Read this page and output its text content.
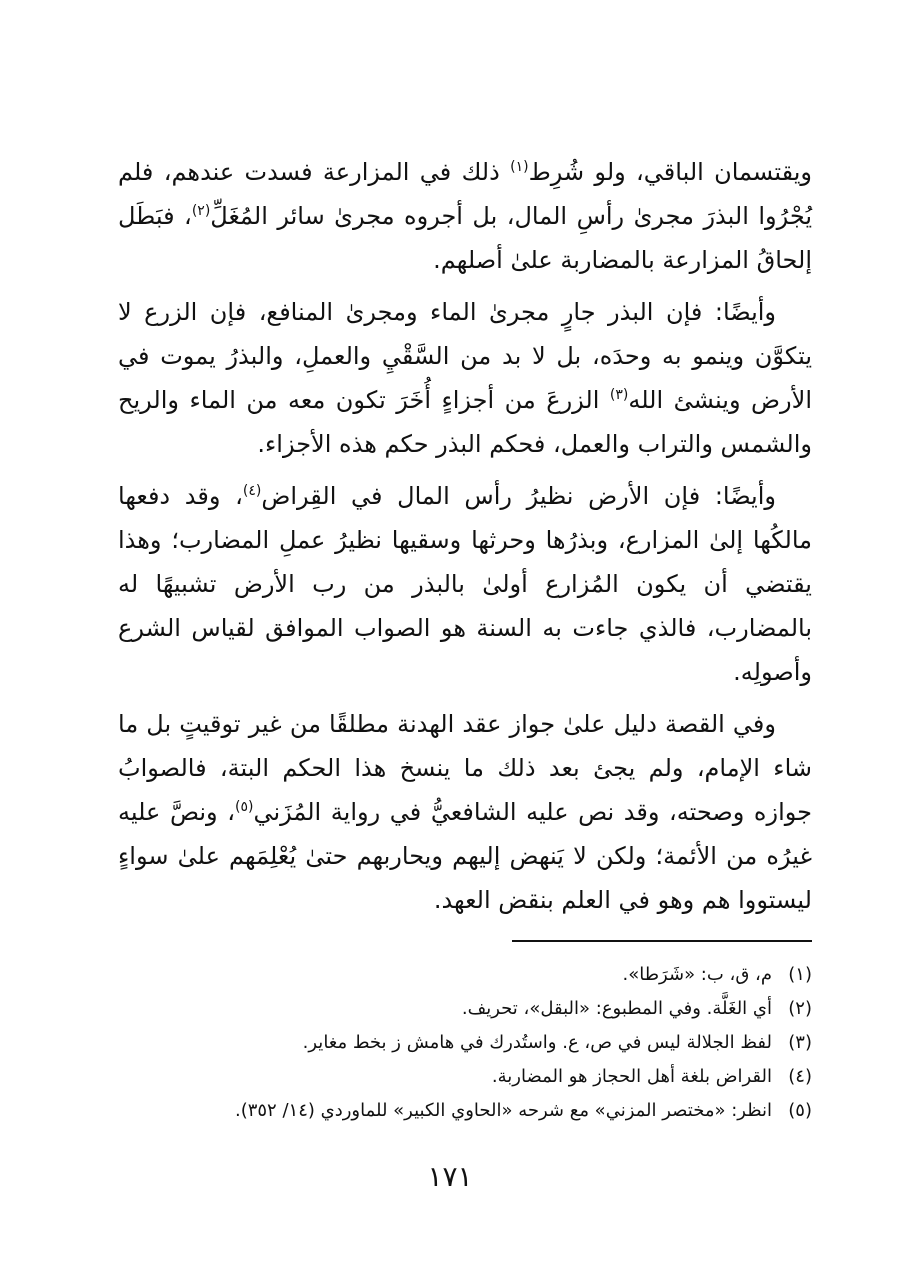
ويقتسمان الباقي، ولو شُرِط$^{(١)}$ ذلك في المزارعة فسدت عندهم، فلم يُجْرُوا البذرَ مجرىٰ رأسِ المال، بل أجروه مجرىٰ سائر المُغَلِّ$^{(٢)}$، فبَطَل إلحاقُ المزارعة بالمضاربة علىٰ أصلهم.

وأيضًا: فإن البذر جارٍ مجرىٰ الماء ومجرىٰ المنافع، فإن الزرع لا يتكوَّن وينمو به وحدَه، بل لا بد من السَّقْيِ والعملِ، والبذرُ يموت في الأرض وينشئ الله$^{(٣)}$ الزرعَ من أجزاءٍ أُخَرَ تكون معه من الماء والريح والشمس والتراب والعمل، فحكم البذر حكم هذه الأجزاء.

وأيضًا: فإن الأرض نظيرُ رأس المال في القِراض$^{(٤)}$، وقد دفعها مالكُها إلىٰ المزارع، وبذرُها وحرثها وسقيها نظيرُ عملِ المضارب؛ وهذا يقتضي أن يكون المُزارع أولىٰ بالبذر من رب الأرض تشبيهًا له بالمضارب، فالذي جاءت به السنة هو الصواب الموافق لقياس الشرع وأصولِه.

وفي القصة دليل علىٰ جواز عقد الهدنة مطلقًا من غير توقيتٍ بل ما شاء الإمام، ولم يجئ بعد ذلك ما ينسخ هذا الحكم البتة، فالصوابُ جوازه وصحته، وقد نص عليه الشافعيُّ في رواية المُزَني$^{(٥)}$، ونصَّ عليه غيرُه من الأئمة؛ ولكن لا يَنهض إليهم ويحاربهم حتىٰ يُعْلِمَهم علىٰ سواءٍ ليستووا هم وهو في العلم بنقض العهد.

(١)
م، ق، ب: «شَرَطا».
(٢)
أي الغَلَّة. وفي المطبوع: «البقل»، تحريف.
(٣)
لفظ الجلالة ليس في ص، ع. واستُدرك في هامش ز بخط مغاير.
(٤)
القراض بلغة أهل الحجاز هو المضاربة.
(٥)
انظر: «مختصر المزني» مع شرحه «الحاوي الكبير» للماوردي (١٤/ ٣٥٢).
١٧١
